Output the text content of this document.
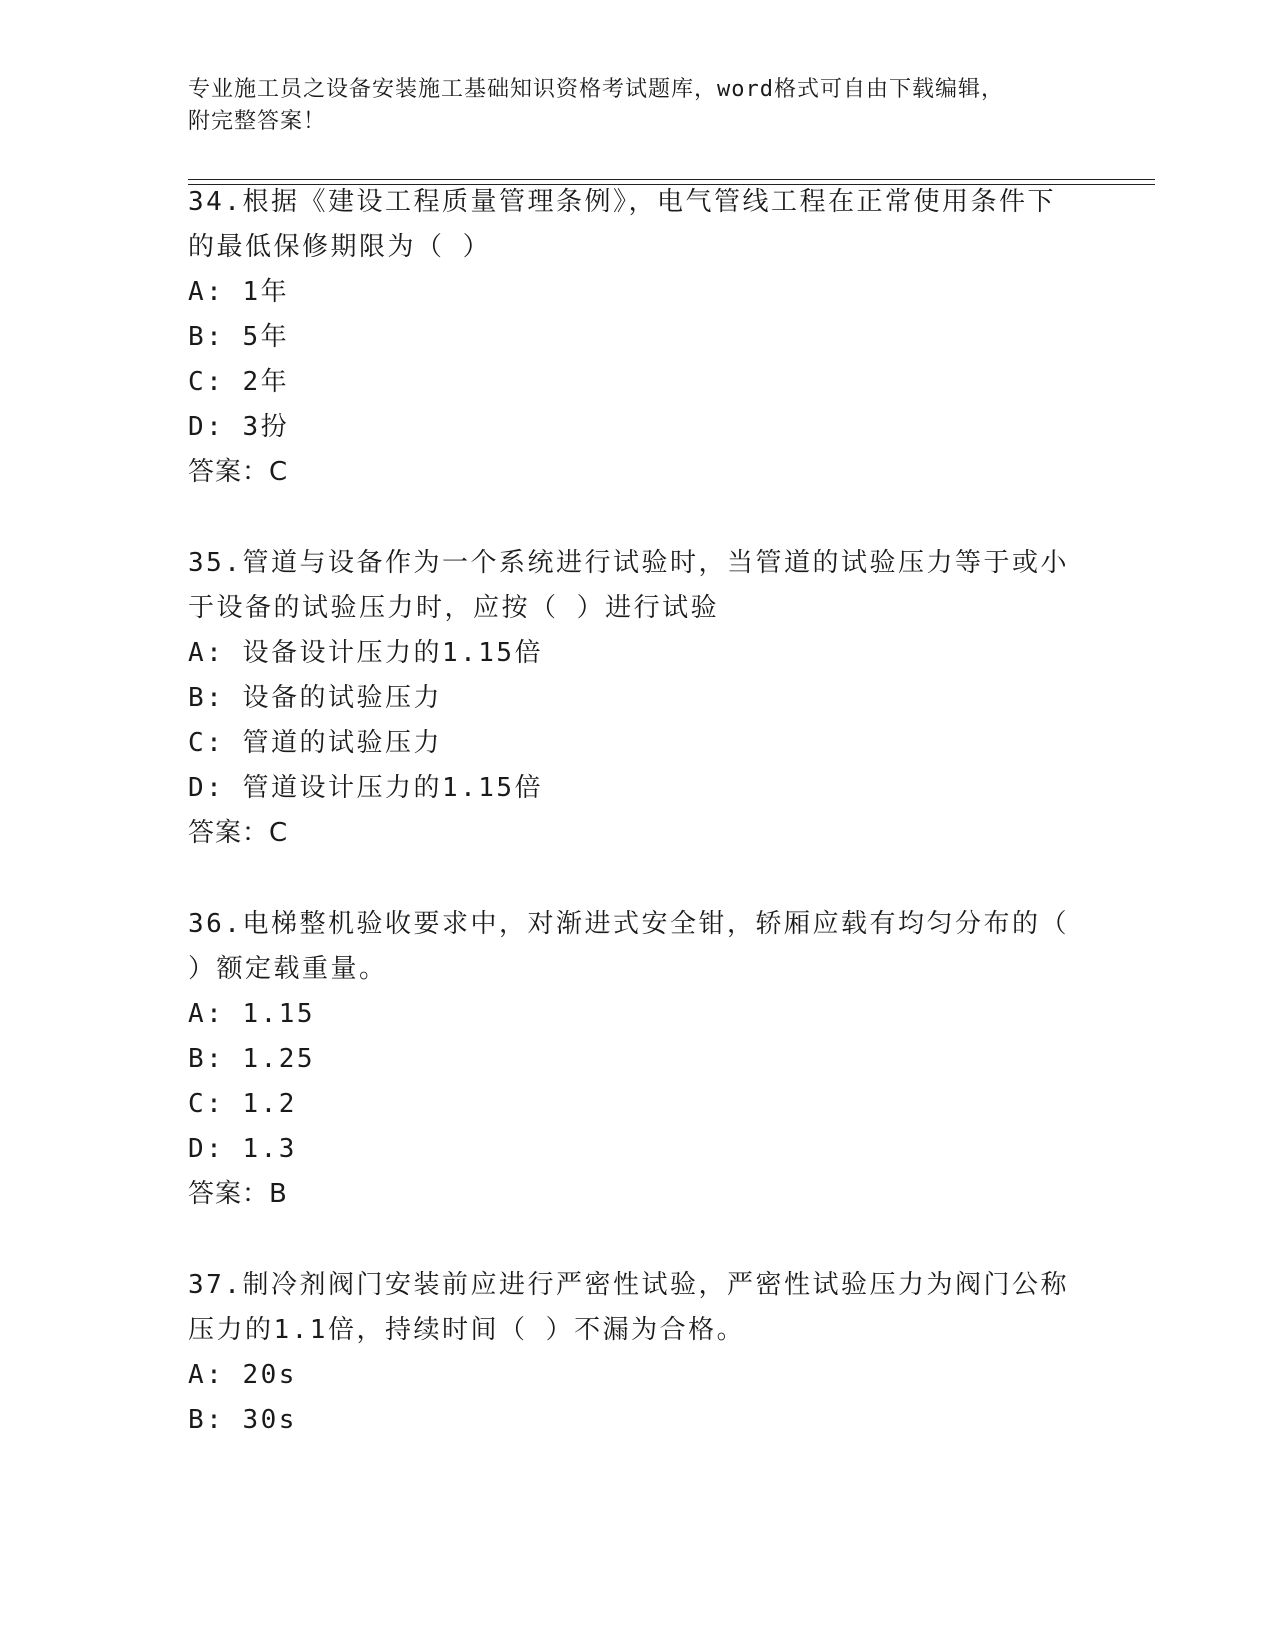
专业施工员之设备安装施工基础知识资格考试题库，word格式可自由下载编辑，
附完整答案！

34.根据《建设工程质量管理条例》，电气管线工程在正常使用条件下

的最低保修期限为（ ）

A: 1年

B: 5年

C: 2年

D: 3扮

答案：C

35.管道与设备作为一个系统进行试验时，当管道的试验压力等于或小

于设备的试验压力时，应按（ ）进行试验

A: 设备设计压力的1.15倍

B: 设备的试验压力

C: 管道的试验压力

D: 管道设计压力的1.15倍

答案：C

36.电梯整机验收要求中，对渐进式安全钳，轿厢应载有均匀分布的（

）额定载重量。

A: 1.15

B: 1.25

C: 1.2

D: 1.3

答案：B

37.制冷剂阀门安装前应进行严密性试验，严密性试验压力为阀门公称

压力的1.1倍，持续时间（ ）不漏为合格。

A: 20s

B: 30s
